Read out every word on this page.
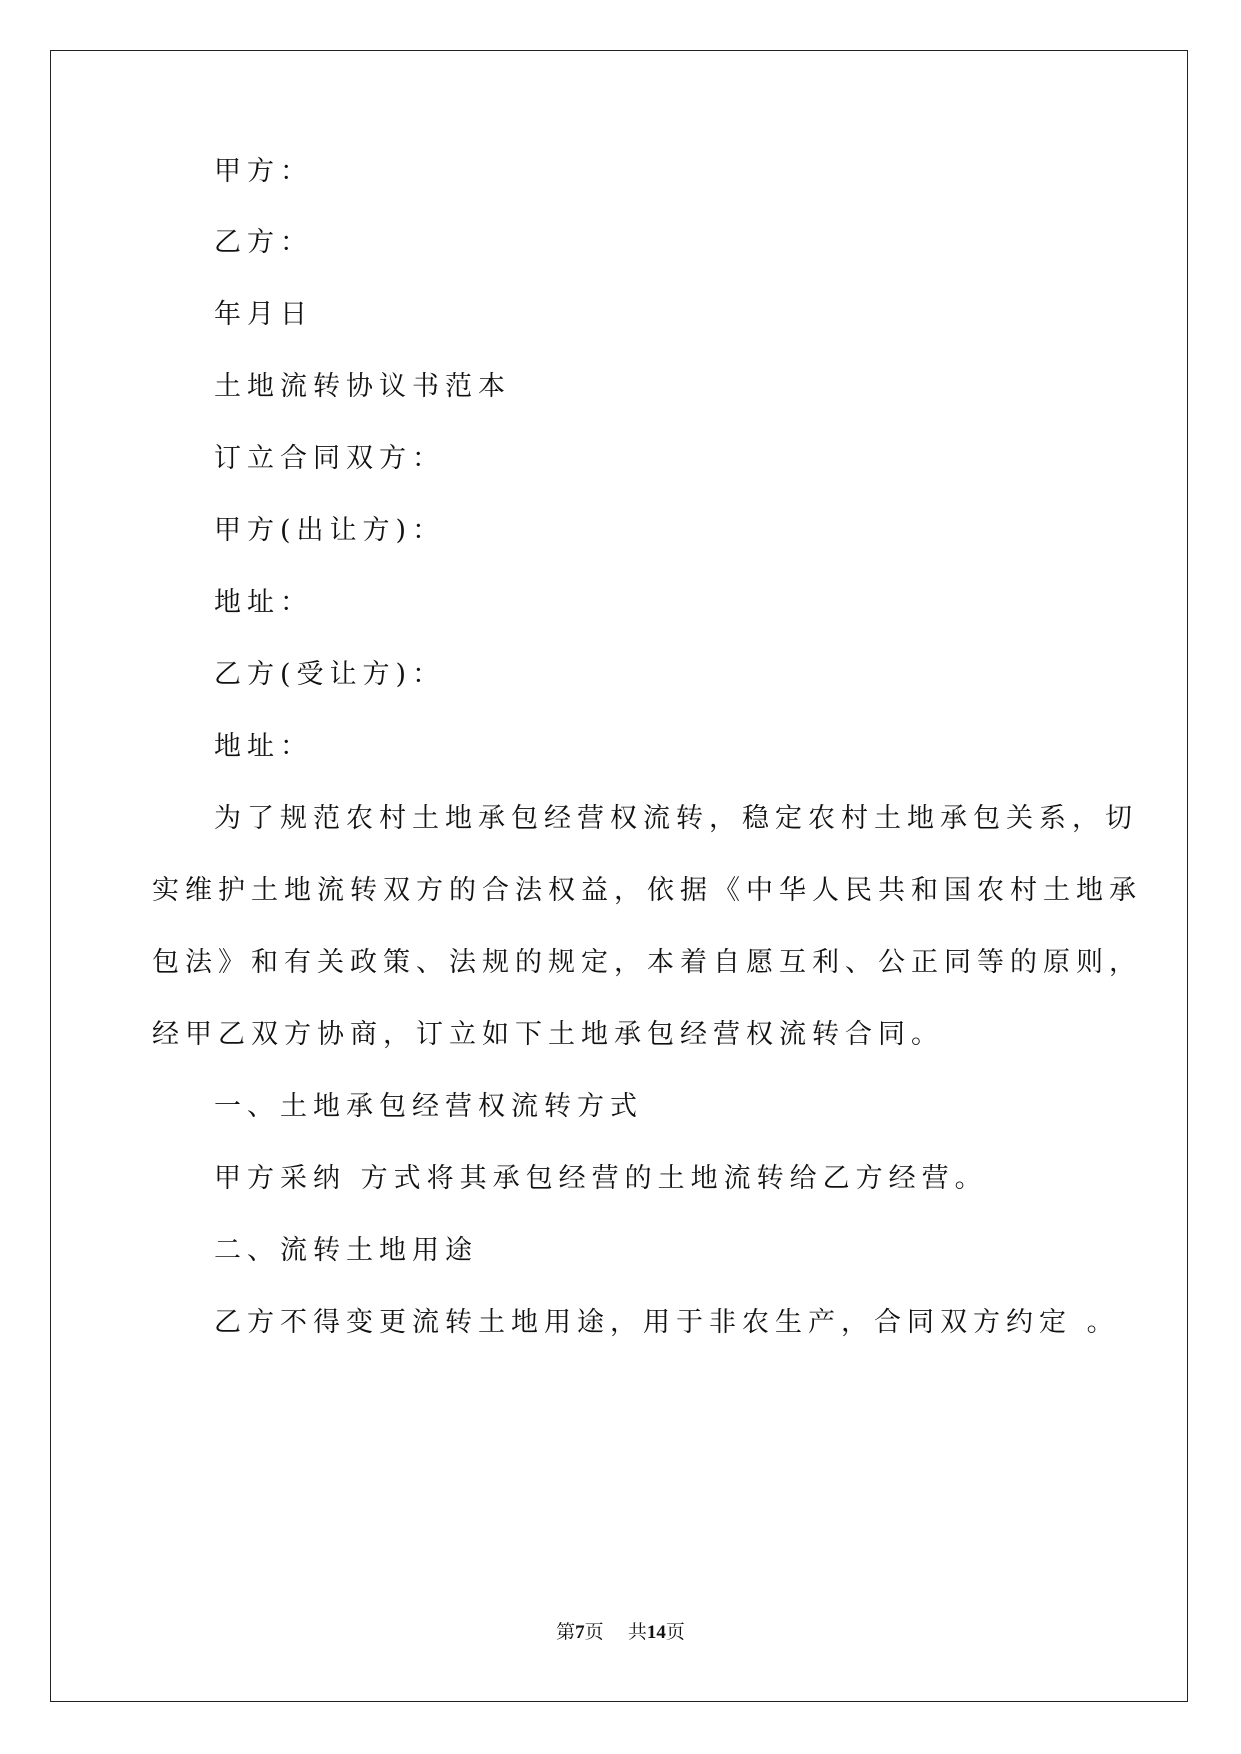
甲方：

乙方：

年月日

土地流转协议书范本

订立合同双方：

甲方(出让方)：

地址：

乙方(受让方)：

地址：

为了规范农村土地承包经营权流转，稳定农村土地承包关系，切

实维护土地流转双方的合法权益，依据《中华人民共和国农村土地承

包法》和有关政策、法规的规定，本着自愿互利、公正同等的原则，

经甲乙双方协商，订立如下土地承包经营权流转合同。

一、土地承包经营权流转方式

甲方采纳 方式将其承包经营的土地流转给乙方经营。

二、流转土地用途

乙方不得变更流转土地用途，用于非农生产，合同双方约定 。

第7页 共14页
